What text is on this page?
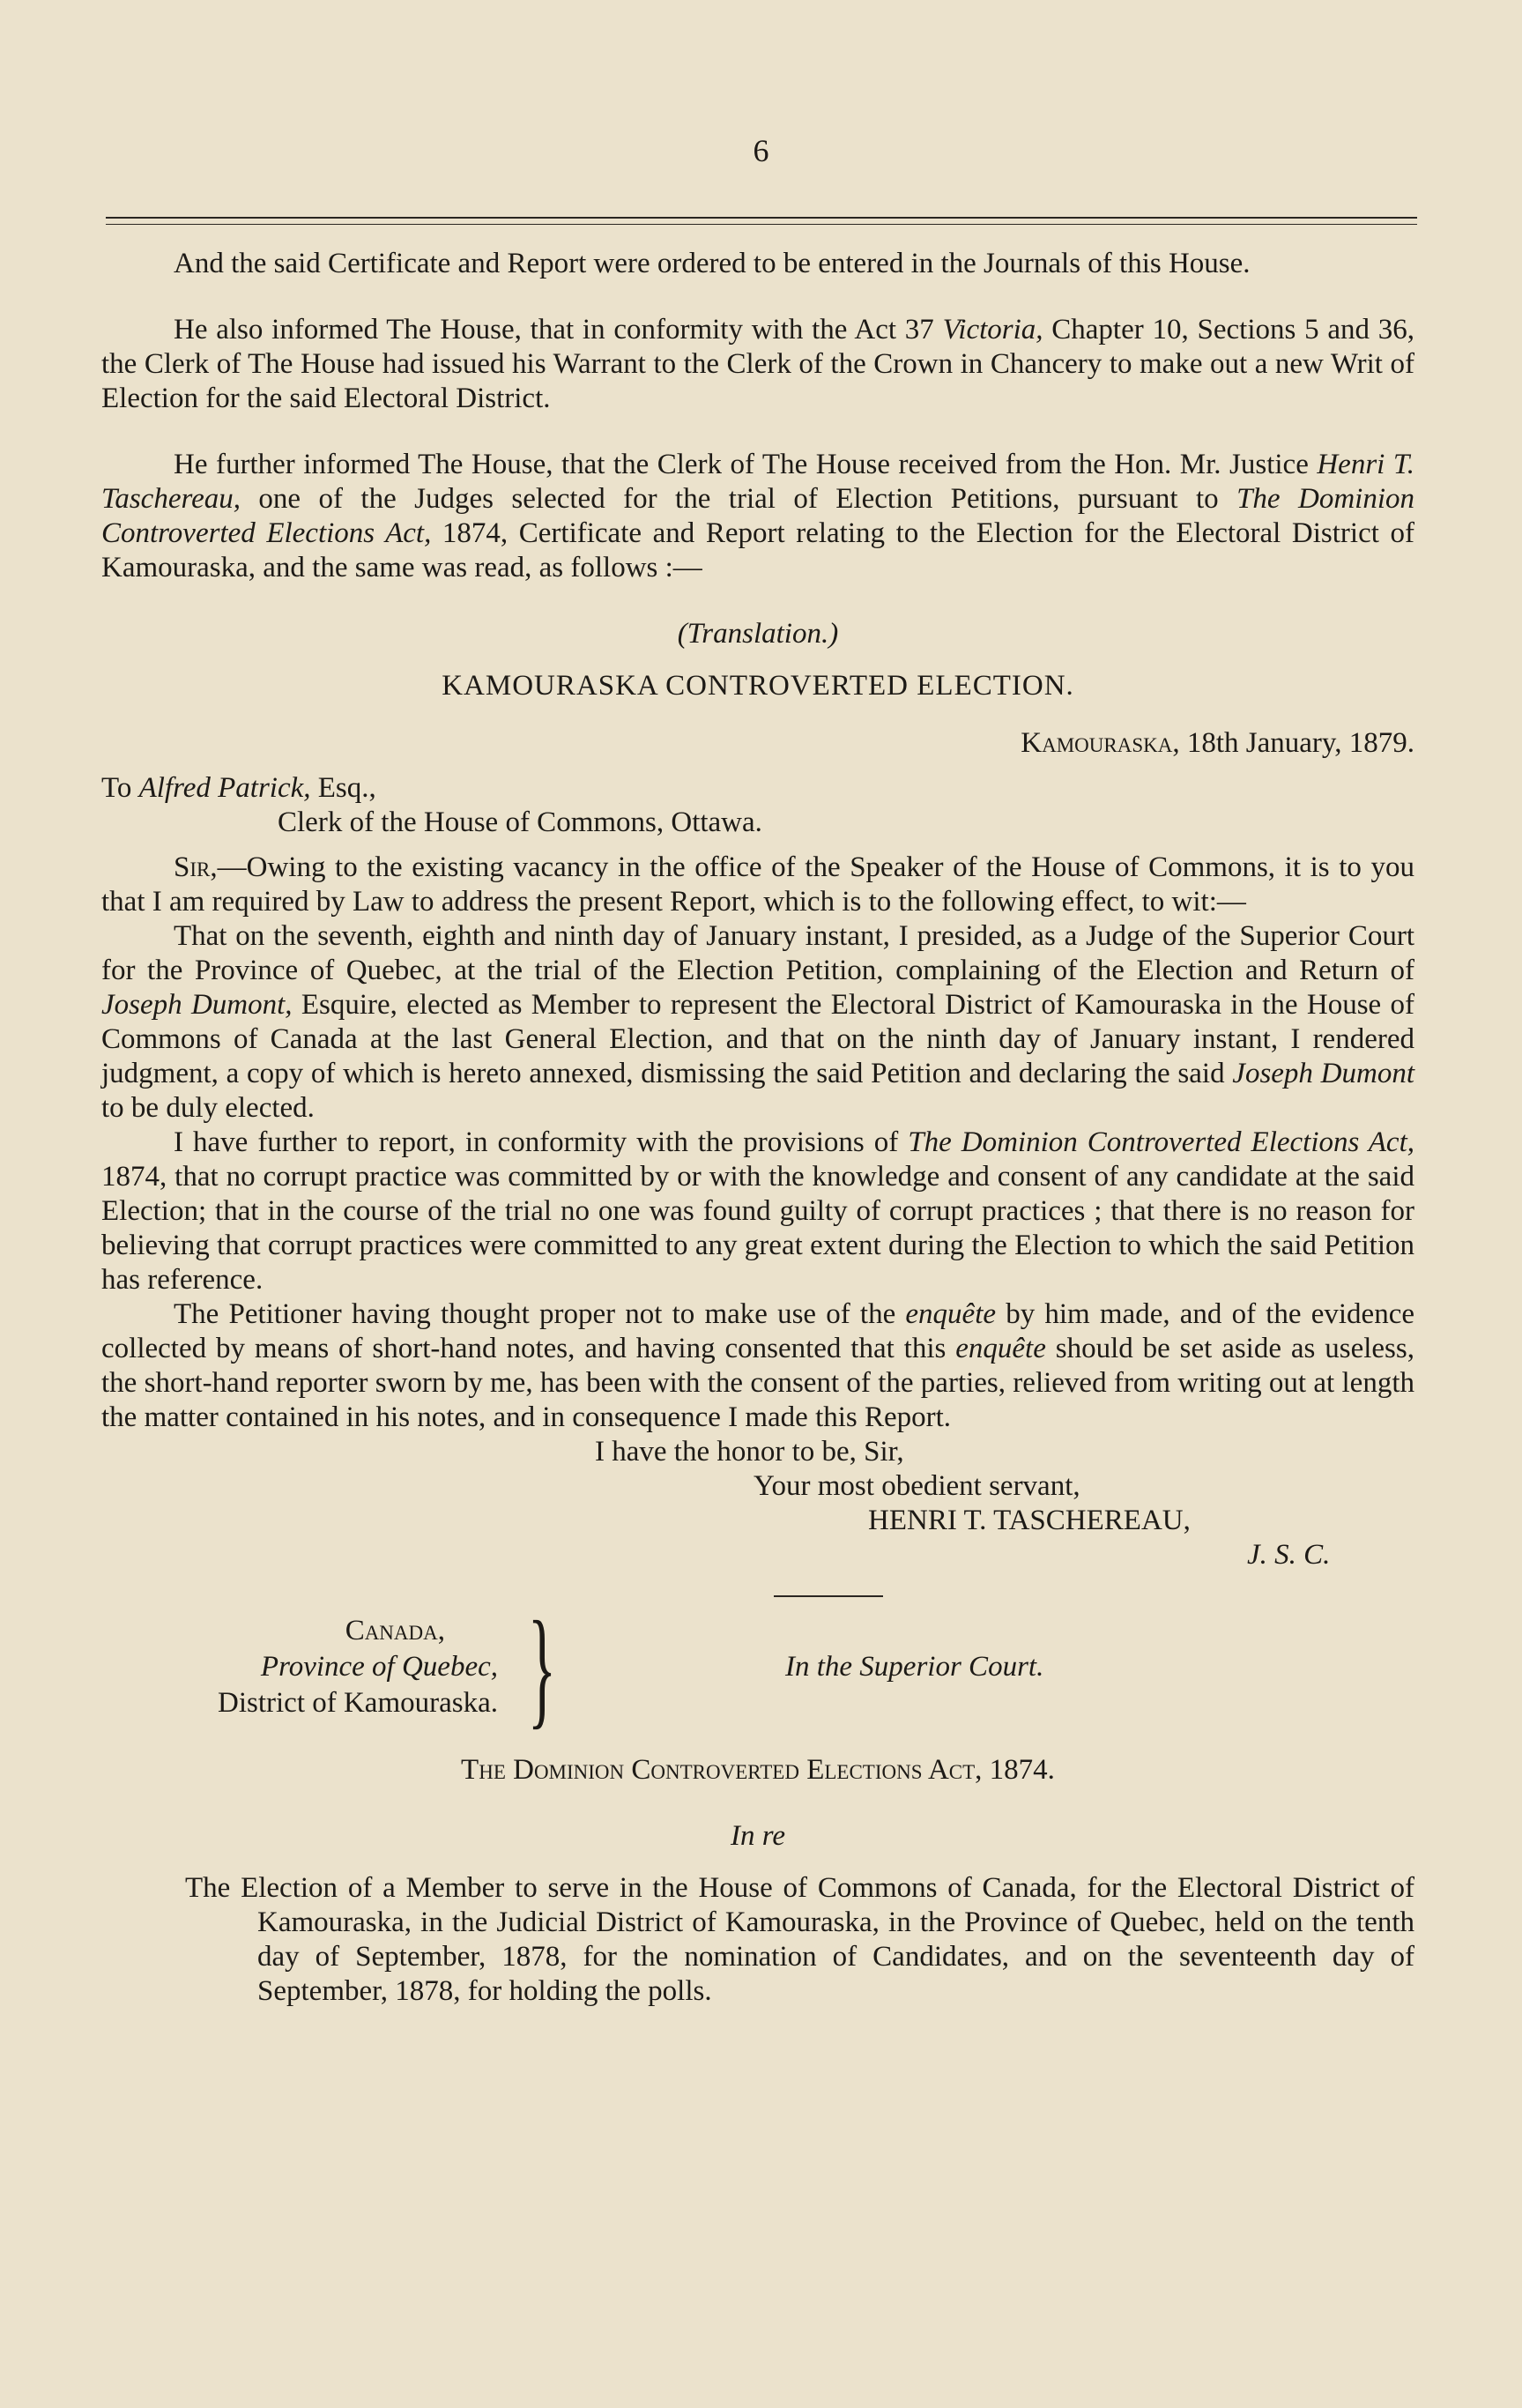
6

And the said Certificate and Report were ordered to be entered in the Journals of this House.

He also informed The House, that in conformity with the Act 37 Victoria, Chapter 10, Sections 5 and 36, the Clerk of The House had issued his Warrant to the Clerk of the Crown in Chancery to make out a new Writ of Election for the said Electoral District.

He further informed The House, that the Clerk of The House received from the Hon. Mr. Justice Henri T. Taschereau, one of the Judges selected for the trial of Election Petitions, pursuant to The Dominion Controverted Elections Act, 1874, Certificate and Report relating to the Election for the Electoral District of Kamouraska, and the same was read, as follows :—

(Translation.)

KAMOURASKA CONTROVERTED ELECTION.

Kamouraska, 18th January, 1879.

To Alfred Patrick, Esq.,

Clerk of the House of Commons, Ottawa.

Sir,—Owing to the existing vacancy in the office of the Speaker of the House of Commons, it is to you that I am required by Law to address the present Report, which is to the following effect, to wit:—

That on the seventh, eighth and ninth day of January instant, I presided, as a Judge of the Superior Court for the Province of Quebec, at the trial of the Election Petition, complaining of the Election and Return of Joseph Dumont, Esquire, elected as Member to represent the Electoral District of Kamouraska in the House of Commons of Canada at the last General Election, and that on the ninth day of January instant, I rendered judgment, a copy of which is hereto annexed, dismissing the said Petition and declaring the said Joseph Dumont to be duly elected.

I have further to report, in conformity with the provisions of The Dominion Controverted Elections Act, 1874, that no corrupt practice was committed by or with the knowledge and consent of any candidate at the said Election; that in the course of the trial no one was found guilty of corrupt practices ; that there is no reason for believing that corrupt practices were committed to any great extent during the Election to which the said Petition has reference.

The Petitioner having thought proper not to make use of the enquête by him made, and of the evidence collected by means of short-hand notes, and having consented that this enquête should be set aside as useless, the short-hand reporter sworn by me, has been with the consent of the parties, relieved from writing out at length the matter contained in his notes, and in consequence I made this Report.

I have the honor to be, Sir,

Your most obedient servant,

HENRI T. TASCHEREAU,

J. S. C.

Canada,
Province of Quebec,
District of Kamouraska. }	In the Superior Court.

The Dominion Controverted Elections Act, 1874.

In re

The Election of a Member to serve in the House of Commons of Canada, for the Electoral District of Kamouraska, in the Judicial District of Kamouraska, in the Province of Quebec, held on the tenth day of September, 1878, for the nomination of Candidates, and on the seventeenth day of September, 1878, for holding the polls.
